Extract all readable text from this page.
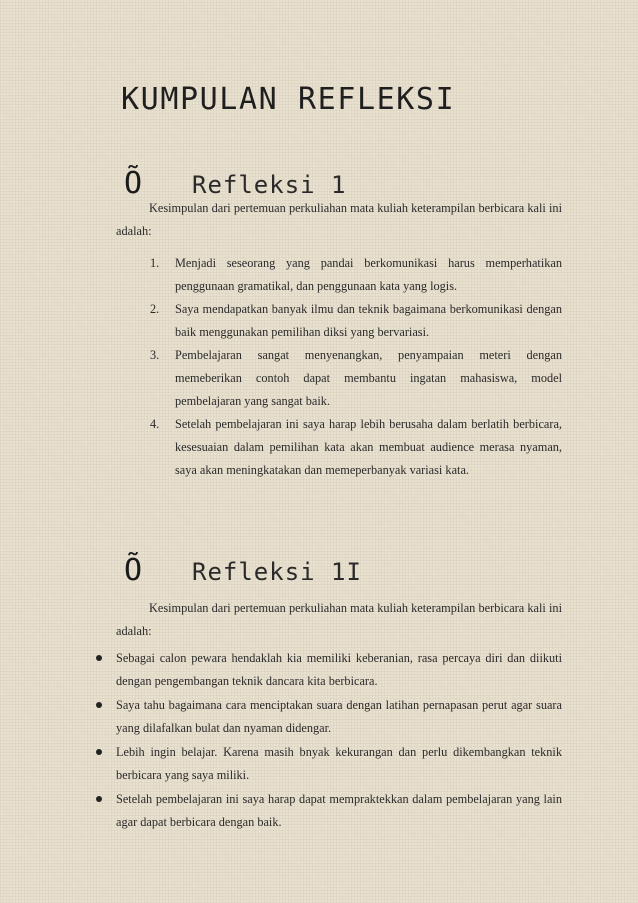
KUMPULAN REFLEKSI
Õ Refleksi 1

Kesimpulan dari pertemuan perkuliahan mata kuliah keterampilan berbicara kali ini adalah:

1. Menjadi seseorang yang pandai berkomunikasi harus memperhatikan penggunaan gramatikal, dan penggunaan kata yang logis.
2. Saya mendapatkan banyak ilmu dan teknik bagaimana berkomunikasi dengan baik menggunakan pemilihan diksi yang bervariasi.
3. Pembelajaran sangat menyenangkan, penyampaian meteri dengan memeberikan contoh dapat membantu ingatan mahasiswa, model pembelajaran yang sangat baik.
4. Setelah pembelajaran ini saya harap lebih berusaha dalam berlatih berbicara, kesesuaian dalam pemilihan kata akan membuat audience merasa nyaman, saya akan meningkatakan dan memeperbanyak variasi kata.
Õ Refleksi 1I

Kesimpulan dari pertemuan perkuliahan mata kuliah keterampilan berbicara kali ini adalah:

Sebagai calon pewara hendaklah kia memiliki keberanian, rasa percaya diri dan diikuti dengan pengembangan teknik dancara kita berbicara.
Saya tahu bagaimana cara menciptakan suara dengan latihan pernapasan perut agar suara yang dilafalkan bulat dan nyaman didengar.
Lebih ingin belajar. Karena masih bnyak kekurangan dan perlu dikembangkan teknik berbicara yang saya miliki.
Setelah pembelajaran ini saya harap dapat mempraktekkan dalam pembelajaran yang lain agar dapat berbicara dengan baik.
